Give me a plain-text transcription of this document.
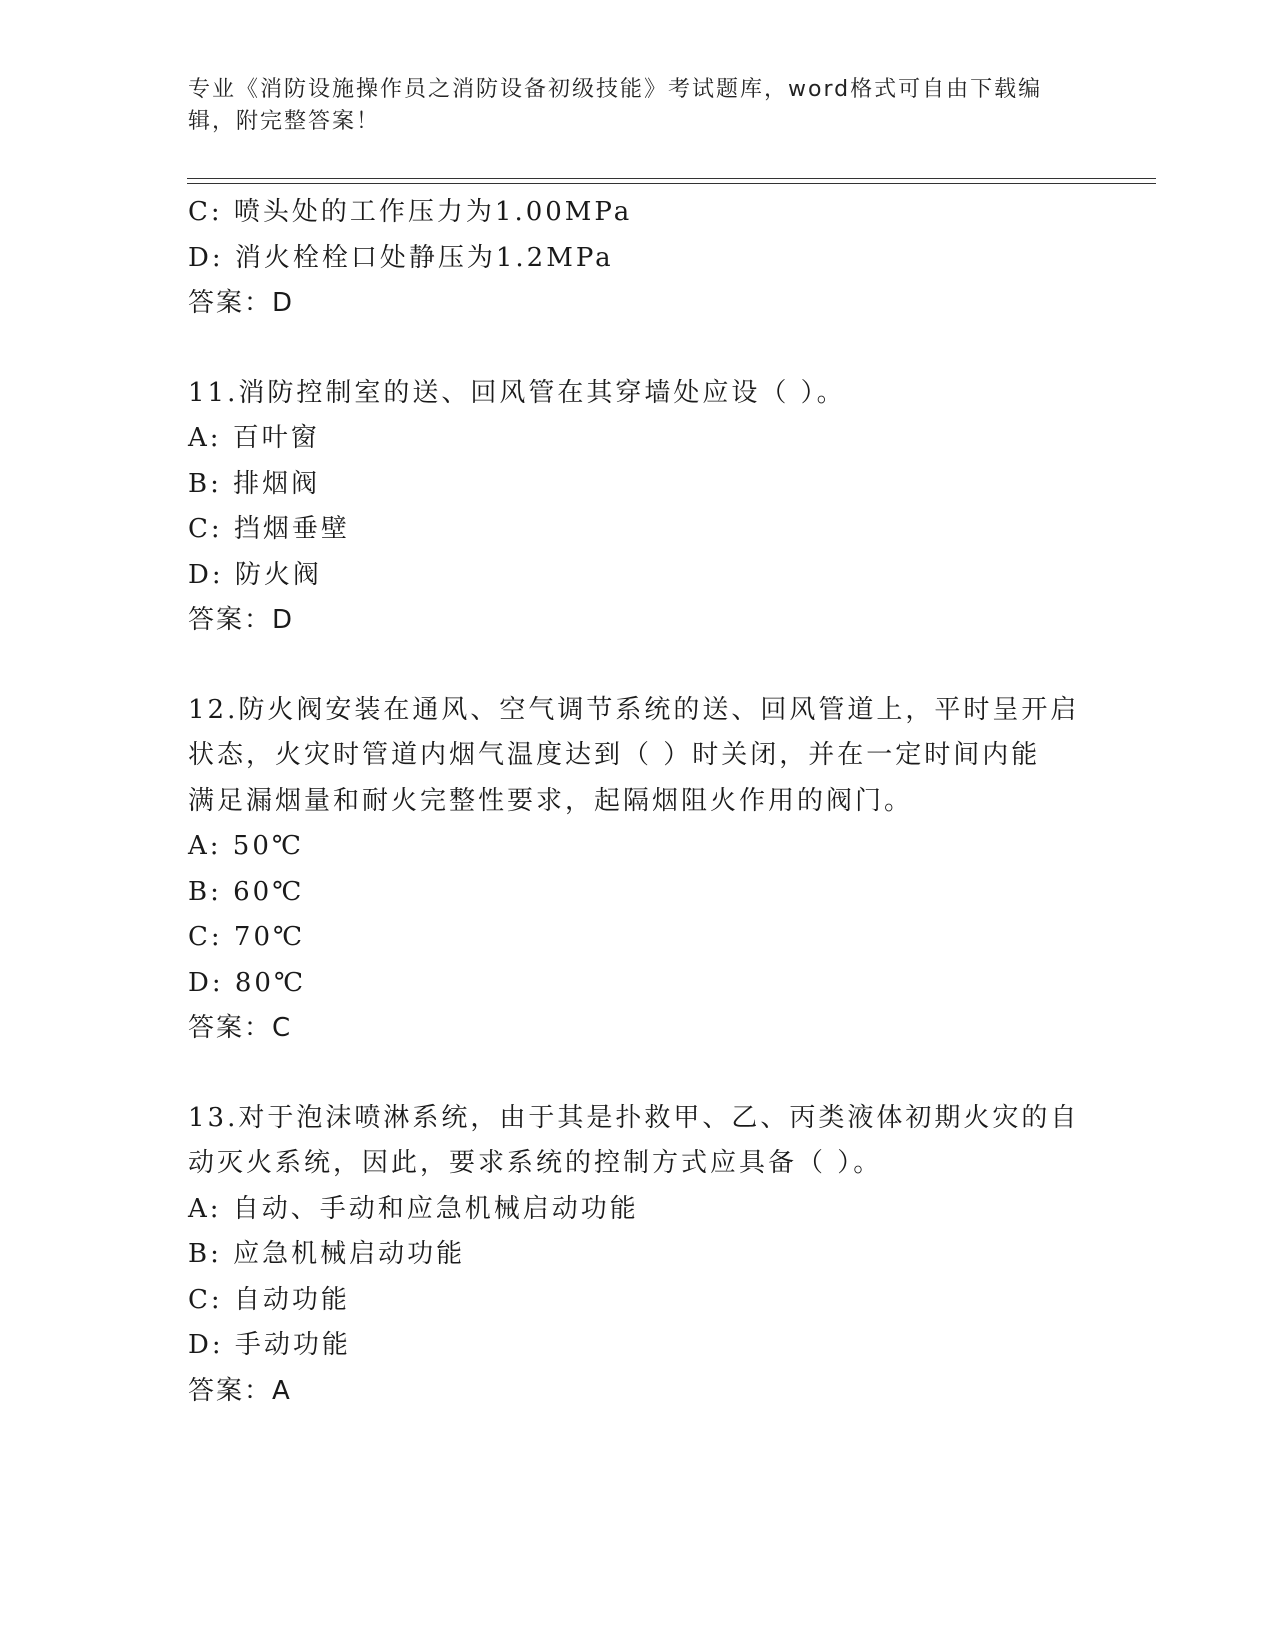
专业《消防设施操作员之消防设备初级技能》考试题库，word格式可自由下载编
辑，附完整答案！
C: 喷头处的工作压力为1.00MPa
D: 消火栓栓口处静压为1.2MPa
答案：D
11.消防控制室的送、回风管在其穿墙处应设（ ）。
A: 百叶窗
B: 排烟阀
C: 挡烟垂壁
D: 防火阀
答案：D
12.防火阀安装在通风、空气调节系统的送、回风管道上，平时呈开启
状态，火灾时管道内烟气温度达到（ ）时关闭，并在一定时间内能
满足漏烟量和耐火完整性要求，起隔烟阻火作用的阀门。
A: 50℃
B: 60℃
C: 70℃
D: 80℃
答案：C
13.对于泡沫喷淋系统，由于其是扑救甲、乙、丙类液体初期火灾的自
动灭火系统，因此，要求系统的控制方式应具备（ ）。
A: 自动、手动和应急机械启动功能
B: 应急机械启动功能
C: 自动功能
D: 手动功能
答案：A
